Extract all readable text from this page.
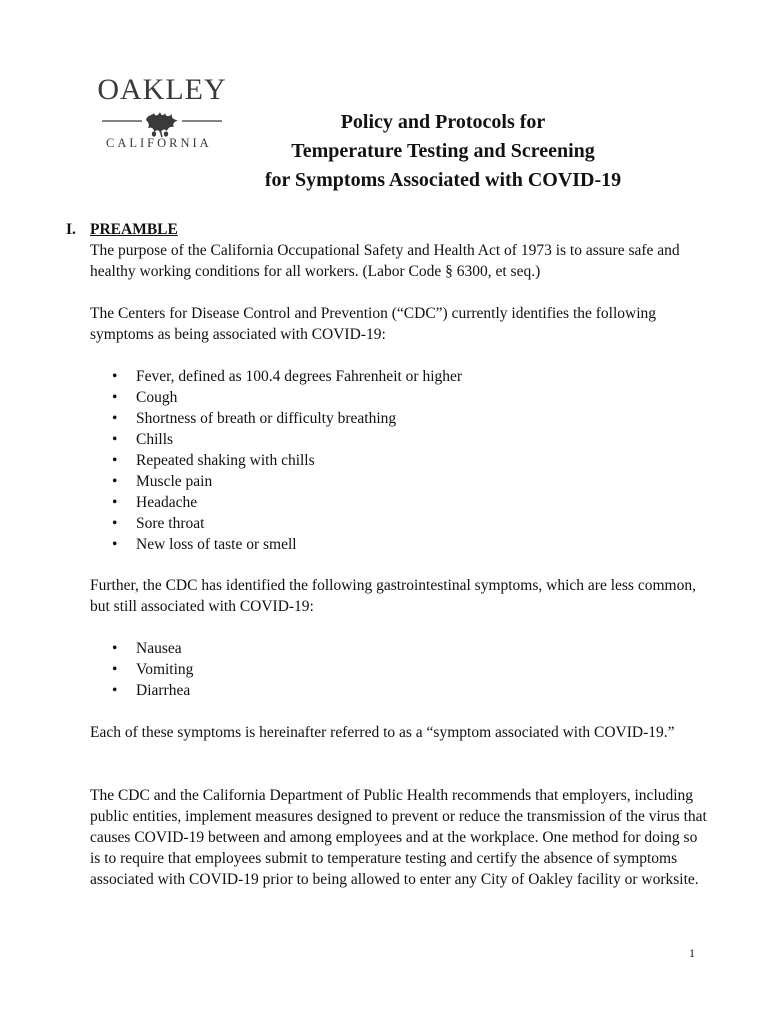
OAKLEY
CALIFORNIA
Policy and Protocols for
Temperature Testing and Screening
for Symptoms Associated with COVID-19
I. PREAMBLE
The purpose of the California Occupational Safety and Health Act of 1973 is to assure safe and healthy working conditions for all workers. (Labor Code § 6300, et seq.)
The Centers for Disease Control and Prevention (“CDC”) currently identifies the following symptoms as being associated with COVID-19:
• Fever, defined as 100.4 degrees Fahrenheit or higher
• Cough
• Shortness of breath or difficulty breathing
• Chills
• Repeated shaking with chills
• Muscle pain
• Headache
• Sore throat
• New loss of taste or smell
Further, the CDC has identified the following gastrointestinal symptoms, which are less common, but still associated with COVID-19:
• Nausea
• Vomiting
• Diarrhea
Each of these symptoms is hereinafter referred to as a “symptom associated with COVID-19.”
The CDC and the California Department of Public Health recommends that employers, including public entities, implement measures designed to prevent or reduce the transmission of the virus that causes COVID-19 between and among employees and at the workplace. One method for doing so is to require that employees submit to temperature testing and certify the absence of symptoms associated with COVID-19 prior to being allowed to enter any City of Oakley facility or worksite.
1
